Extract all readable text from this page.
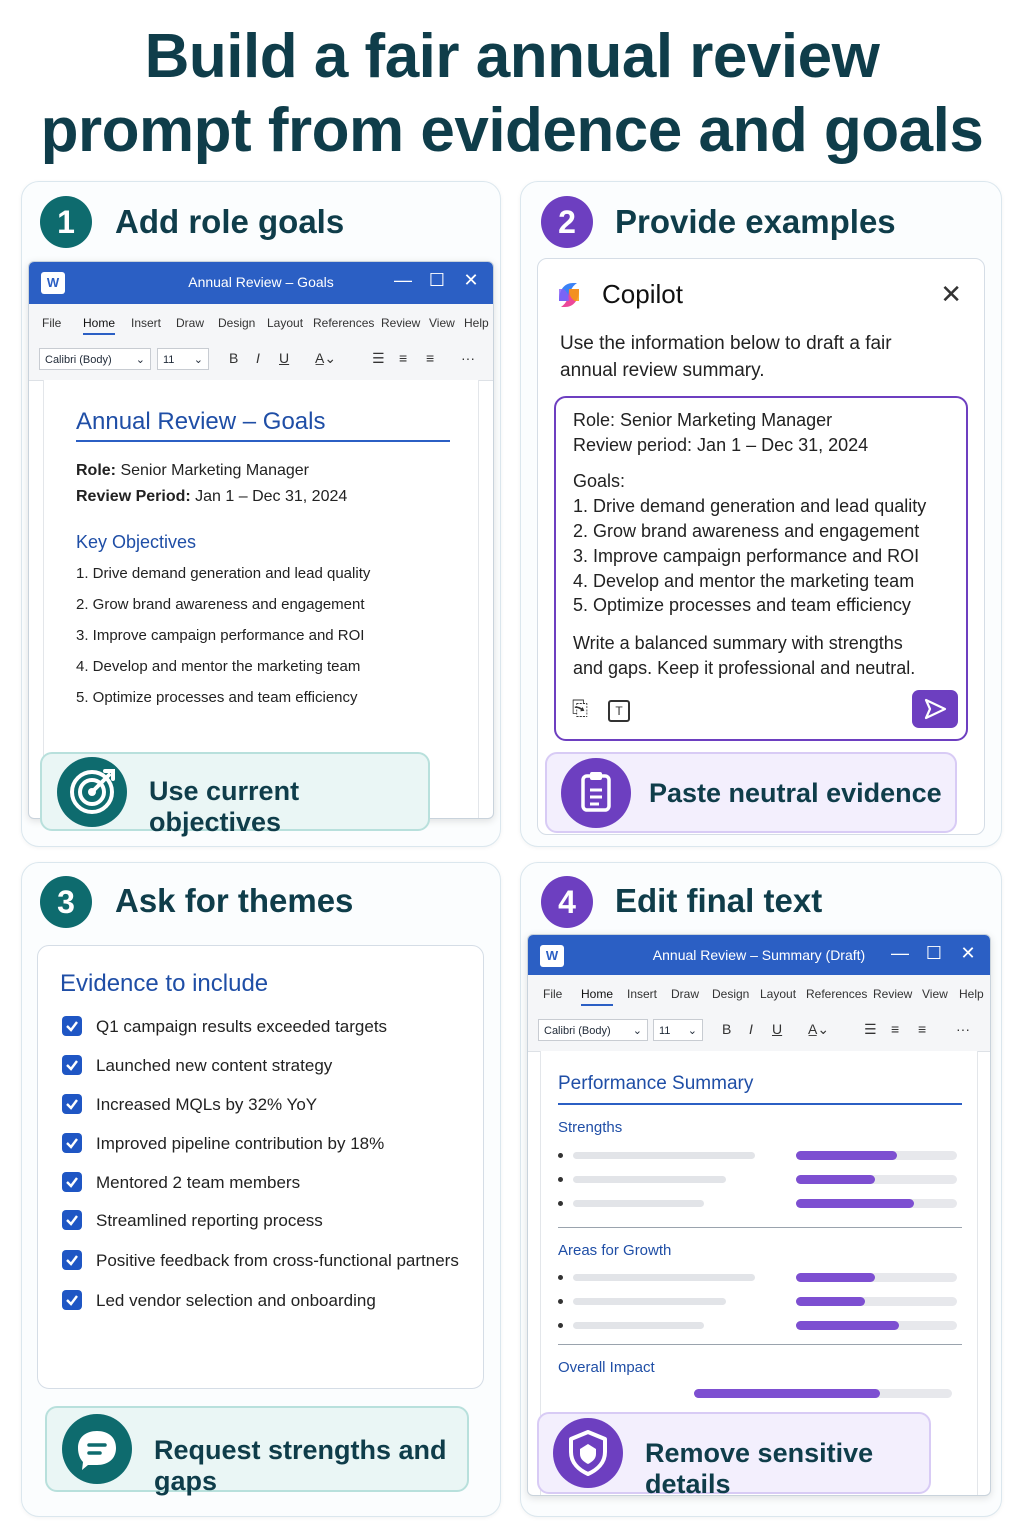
Build a fair annual review
prompt from evidence and goals
1	Add role goals
W	Annual Review – Goals	— ☐ ✕
File Home Insert Draw Design Layout References Review View Help
Calibri (Body) ⌄	11 ⌄ B I U A̲⌄	☰ ≡ ≡ ···
Annual Review – Goals
Role: Senior Marketing Manager
Review Period: Jan 1 – Dec 31, 2024
Key Objectives
1. Drive demand generation and lead quality
2. Grow brand awareness and engagement
3. Improve campaign performance and ROI
4. Develop and mentor the marketing team
5. Optimize processes and team efficiency
Use current objectives
2	Provide examples
Copilot	✕
Use the information below to draft a fair
annual review summary.
Role: Senior Marketing Manager
Review period: Jan 1 – Dec 31, 2024
Goals:
1. Drive demand generation and lead quality
2. Grow brand awareness and engagement
3. Improve campaign performance and ROI
4. Develop and mentor the marketing team
5. Optimize processes and team efficiency
Write a balanced summary with strengths
and gaps. Keep it professional and neutral.
⎘	T
Paste neutral evidence
3	Ask for themes
Evidence to include
Q1 campaign results exceeded targets
Launched new content strategy
Increased MQLs by 32% YoY
Improved pipeline contribution by 18%
Mentored 2 team members
Streamlined reporting process
Positive feedback from cross-functional partners
Led vendor selection and onboarding
Request strengths and gaps
4	Edit final text
W	Annual Review – Summary (Draft)	— ☐ ✕
File Home Insert Draw Design Layout References Review View Help
Calibri (Body) ⌄	11 ⌄ B I U A̲⌄ ☰ ≡ ≡ ···
Performance Summary
Strengths
Areas for Growth
Overall Impact
Remove sensitive details
